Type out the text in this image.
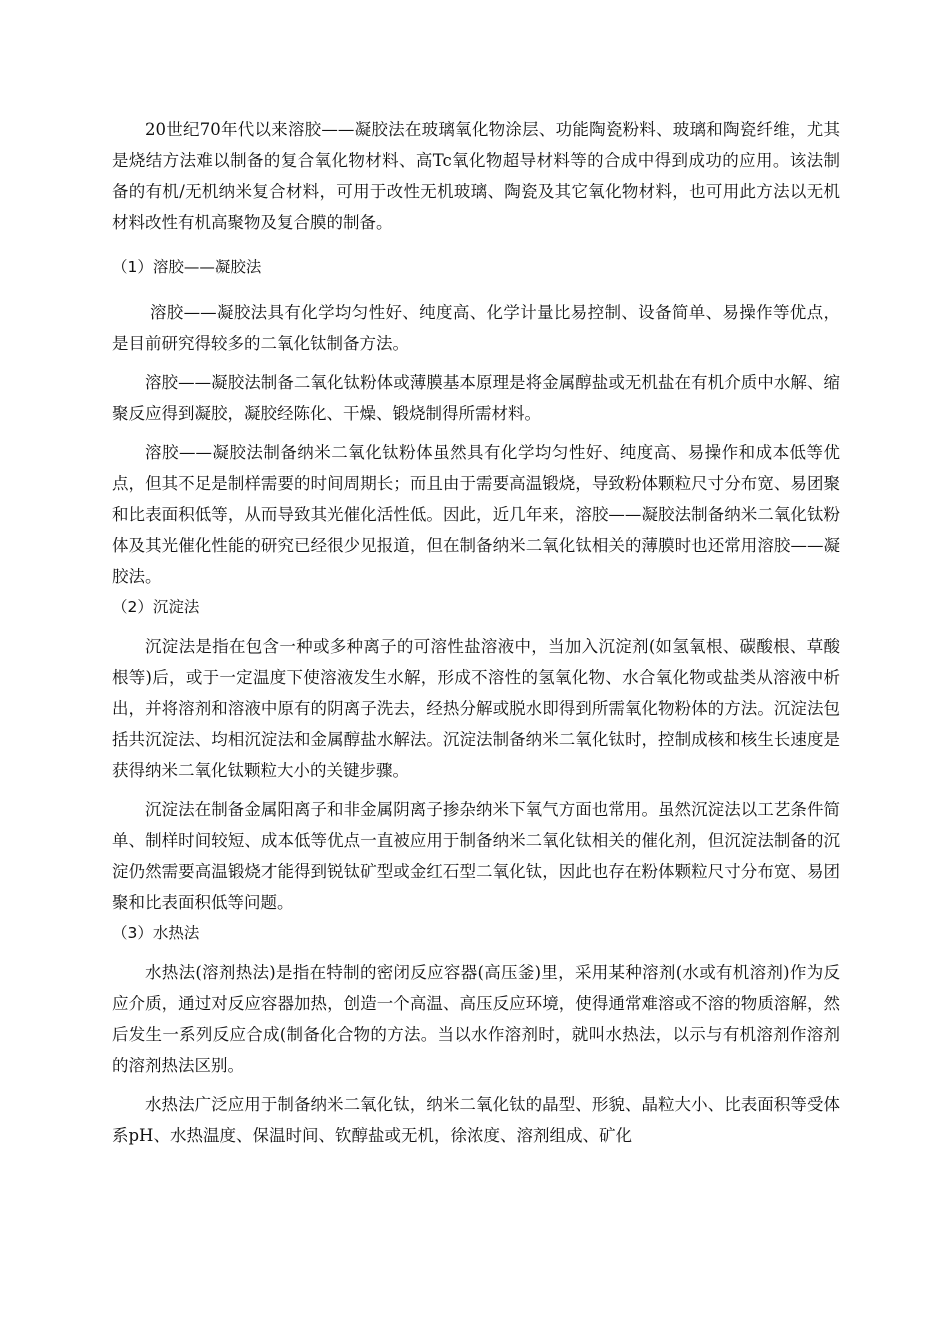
20世纪70年代以来溶胶——凝胶法在玻璃氧化物涂层、功能陶瓷粉料、玻璃和陶瓷纤维，尤其是烧结方法难以制备的复合氧化物材料、高Tc氧化物超导材料等的合成中得到成功的应用。该法制备的有机/无机纳米复合材料，可用于改性无机玻璃、陶瓷及其它氧化物材料，也可用此方法以无机材料改性有机高聚物及复合膜的制备。

（1）溶胶——凝胶法

溶胶——凝胶法具有化学均匀性好、纯度高、化学计量比易控制、设备简单、易操作等优点，是目前研究得较多的二氧化钛制备方法。

溶胶——凝胶法制备二氧化钛粉体或薄膜基本原理是将金属醇盐或无机盐在有机介质中水解、缩聚反应得到凝胶，凝胶经陈化、干燥、锻烧制得所需材料。

溶胶——凝胶法制备纳米二氧化钛粉体虽然具有化学均匀性好、纯度高、易操作和成本低等优点，但其不足是制样需要的时间周期长；而且由于需要高温锻烧，导致粉体颗粒尺寸分布宽、易团聚和比表面积低等，从而导致其光催化活性低。因此，近几年来，溶胶——凝胶法制备纳米二氧化钛粉体及其光催化性能的研究已经很少见报道，但在制备纳米二氧化钛相关的薄膜时也还常用溶胶——凝胶法。

（2）沉淀法

沉淀法是指在包含一种或多种离子的可溶性盐溶液中，当加入沉淀剂(如氢氧根、碳酸根、草酸根等)后，或于一定温度下使溶液发生水解，形成不溶性的氢氧化物、水合氧化物或盐类从溶液中析出，并将溶剂和溶液中原有的阴离子洗去，经热分解或脱水即得到所需氧化物粉体的方法。沉淀法包括共沉淀法、均相沉淀法和金属醇盐水解法。沉淀法制备纳米二氧化钛时，控制成核和核生长速度是获得纳米二氧化钛颗粒大小的关键步骤。

沉淀法在制备金属阳离子和非金属阴离子掺杂纳米下氧气方面也常用。虽然沉淀法以工艺条件简单、制样时间较短、成本低等优点一直被应用于制备纳米二氧化钛相关的催化剂，但沉淀法制备的沉淀仍然需要高温锻烧才能得到锐钛矿型或金红石型二氧化钛，因此也存在粉体颗粒尺寸分布宽、易团聚和比表面积低等问题。

（3）水热法

水热法(溶剂热法)是指在特制的密闭反应容器(高压釜)里，采用某种溶剂(水或有机溶剂)作为反应介质，通过对反应容器加热，创造一个高温、高压反应环境，使得通常难溶或不溶的物质溶解，然后发生一系列反应合成(制备化合物的方法。当以水作溶剂时，就叫水热法，以示与有机溶剂作溶剂的溶剂热法区别。

水热法广泛应用于制备纳米二氧化钛，纳米二氧化钛的晶型、形貌、晶粒大小、比表面积等受体系pH、水热温度、保温时间、钦醇盐或无机，徐浓度、溶剂组成、矿化
